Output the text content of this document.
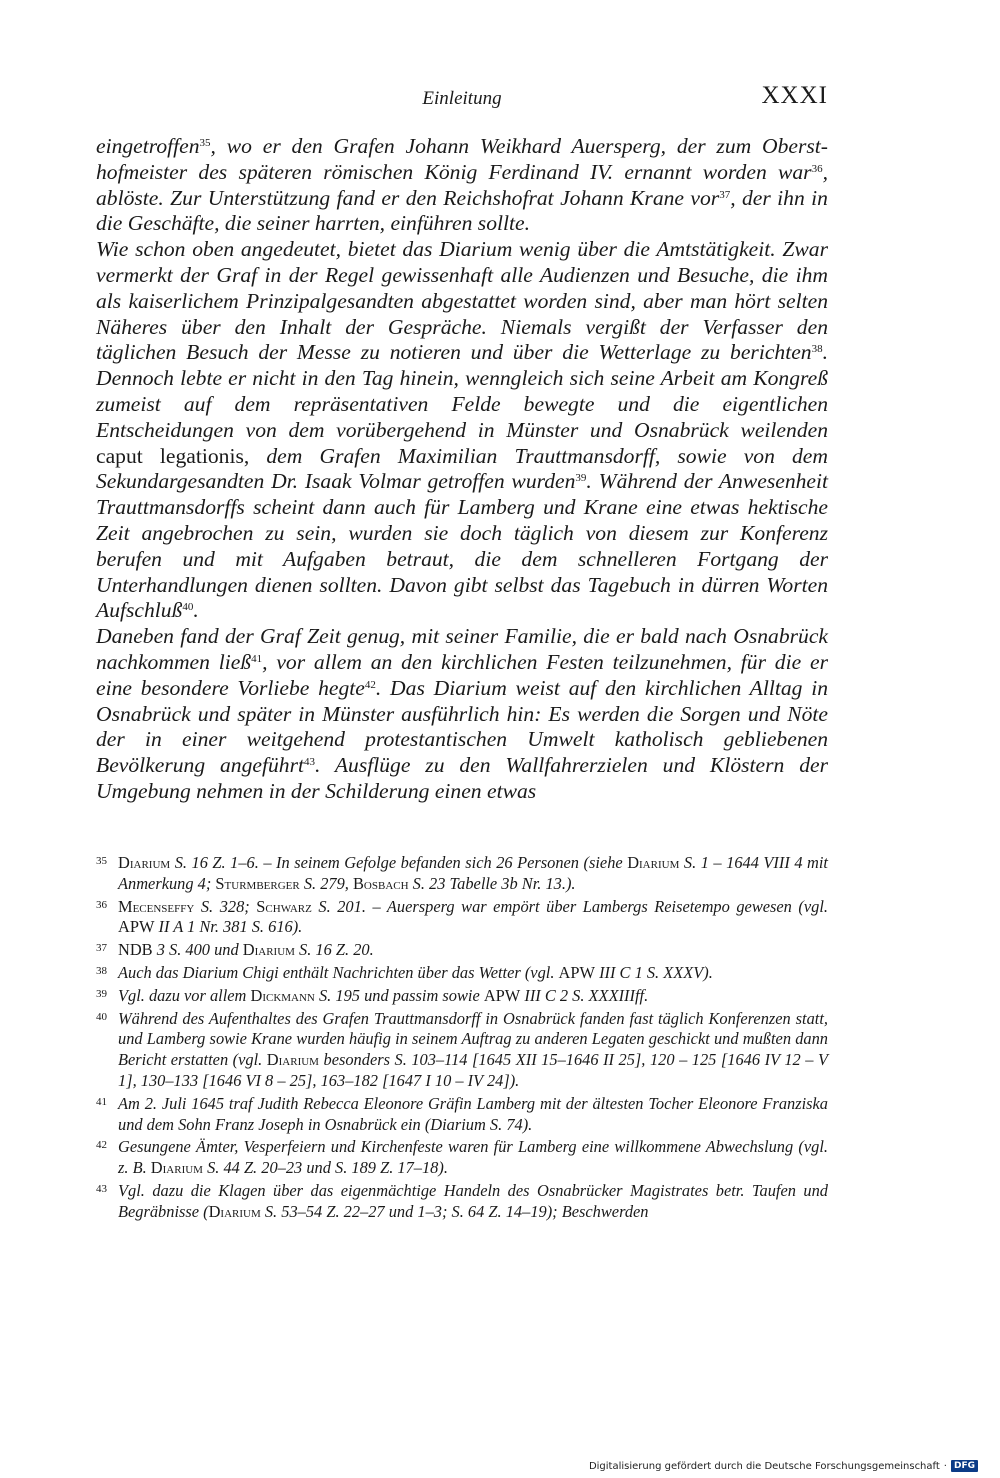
Einleitung	XXXI

eingetroffen$^{35}$, wo er den Grafen Johann Weikhard Auersperg, der zum Obersthofmeister des späteren römischen König Ferdinand IV. ernannt worden war$^{36}$, ablöste. Zur Unterstützung fand er den Reichshofrat Johann Krane vor$^{37}$, der ihn in die Geschäfte, die seiner harrten, einführen sollte.

Wie schon oben angedeutet, bietet das Diarium wenig über die Amtstätigkeit. Zwar vermerkt der Graf in der Regel gewissenhaft alle Audienzen und Besuche, die ihm als kaiserlichem Prinzipalgesandten abgestattet worden sind, aber man hört selten Näheres über den Inhalt der Gespräche. Niemals vergißt der Verfasser den täglichen Besuch der Messe zu notieren und über die Wetterlage zu berichten$^{38}$. Dennoch lebte er nicht in den Tag hinein, wenngleich sich seine Arbeit am Kongreß zumeist auf dem repräsentativen Felde bewegte und die eigentlichen Entscheidungen von dem vorübergehend in Münster und Osnabrück weilenden caput legationis, dem Grafen Maximilian Trauttmansdorff, sowie von dem Sekundargesandten Dr. Isaak Volmar getroffen wurden$^{39}$. Während der Anwesenheit Trauttmansdorffs scheint dann auch für Lamberg und Krane eine etwas hektische Zeit angebrochen zu sein, wurden sie doch täglich von diesem zur Konferenz berufen und mit Aufgaben betraut, die dem schnelleren Fortgang der Unterhandlungen dienen sollten. Davon gibt selbst das Tagebuch in dürren Worten Aufschluß$^{40}$.

Daneben fand der Graf Zeit genug, mit seiner Familie, die er bald nach Osnabrück nachkommen ließ$^{41}$, vor allem an den kirchlichen Festen teilzunehmen, für die er eine besondere Vorliebe hegte$^{42}$. Das Diarium weist auf den kirchlichen Alltag in Osnabrück und später in Münster ausführlich hin: Es werden die Sorgen und Nöte der in einer weitgehend protestantischen Umwelt katholisch gebliebenen Bevölkerung angeführt$^{43}$. Ausflüge zu den Wallfahrerzielen und Klöstern der Umgebung nehmen in der Schilderung einen etwas

35 Diarium S. 16 Z. 1–6. – In seinem Gefolge befanden sich 26 Personen (siehe Diarium S. 1 – 1644 VIII 4 mit Anmerkung 4; Sturmberger S. 279, Bosbach S. 23 Tabelle 3b Nr. 13.).
36 Mecenseffy S. 328; Schwarz S. 201. – Auersperg war empört über Lambergs Reisetempo gewesen (vgl. APW II A 1 Nr. 381 S. 616).
37 NDB 3 S. 400 und Diarium S. 16 Z. 20.
38 Auch das Diarium Chigi enthält Nachrichten über das Wetter (vgl. APW III C 1 S. XXXV).
39 Vgl. dazu vor allem Dickmann S. 195 und passim sowie APW III C 2 S. XXXIIIff.
40 Während des Aufenthaltes des Grafen Trauttmansdorff in Osnabrück fanden fast täglich Konferenzen statt, und Lamberg sowie Krane wurden häufig in seinem Auftrag zu anderen Legaten geschickt und mußten dann Bericht erstatten (vgl. Diarium besonders S. 103–114 [1645 XII 15–1646 II 25], 120 – 125 [1646 IV 12 – V 1], 130–133 [1646 VI 8 – 25], 163–182 [1647 I 10 – IV 24]).
41 Am 2. Juli 1645 traf Judith Rebecca Eleonore Gräfin Lamberg mit der ältesten Tocher Eleonore Franziska und dem Sohn Franz Joseph in Osnabrück ein (Diarium S. 74).
42 Gesungene Ämter, Vesperfeiern und Kirchenfeste waren für Lamberg eine willkommene Abwechslung (vgl. z. B. Diarium S. 44 Z. 20–23 und S. 189 Z. 17–18).
43 Vgl. dazu die Klagen über das eigenmächtige Handeln des Osnabrücker Magistrates betr. Taufen und Begräbnisse (Diarium S. 53–54 Z. 22–27 und 1–3; S. 64 Z. 14–19); Beschwerden
Digitalisierung gefördert durch die Deutsche Forschungsgemeinschaft · DFG
